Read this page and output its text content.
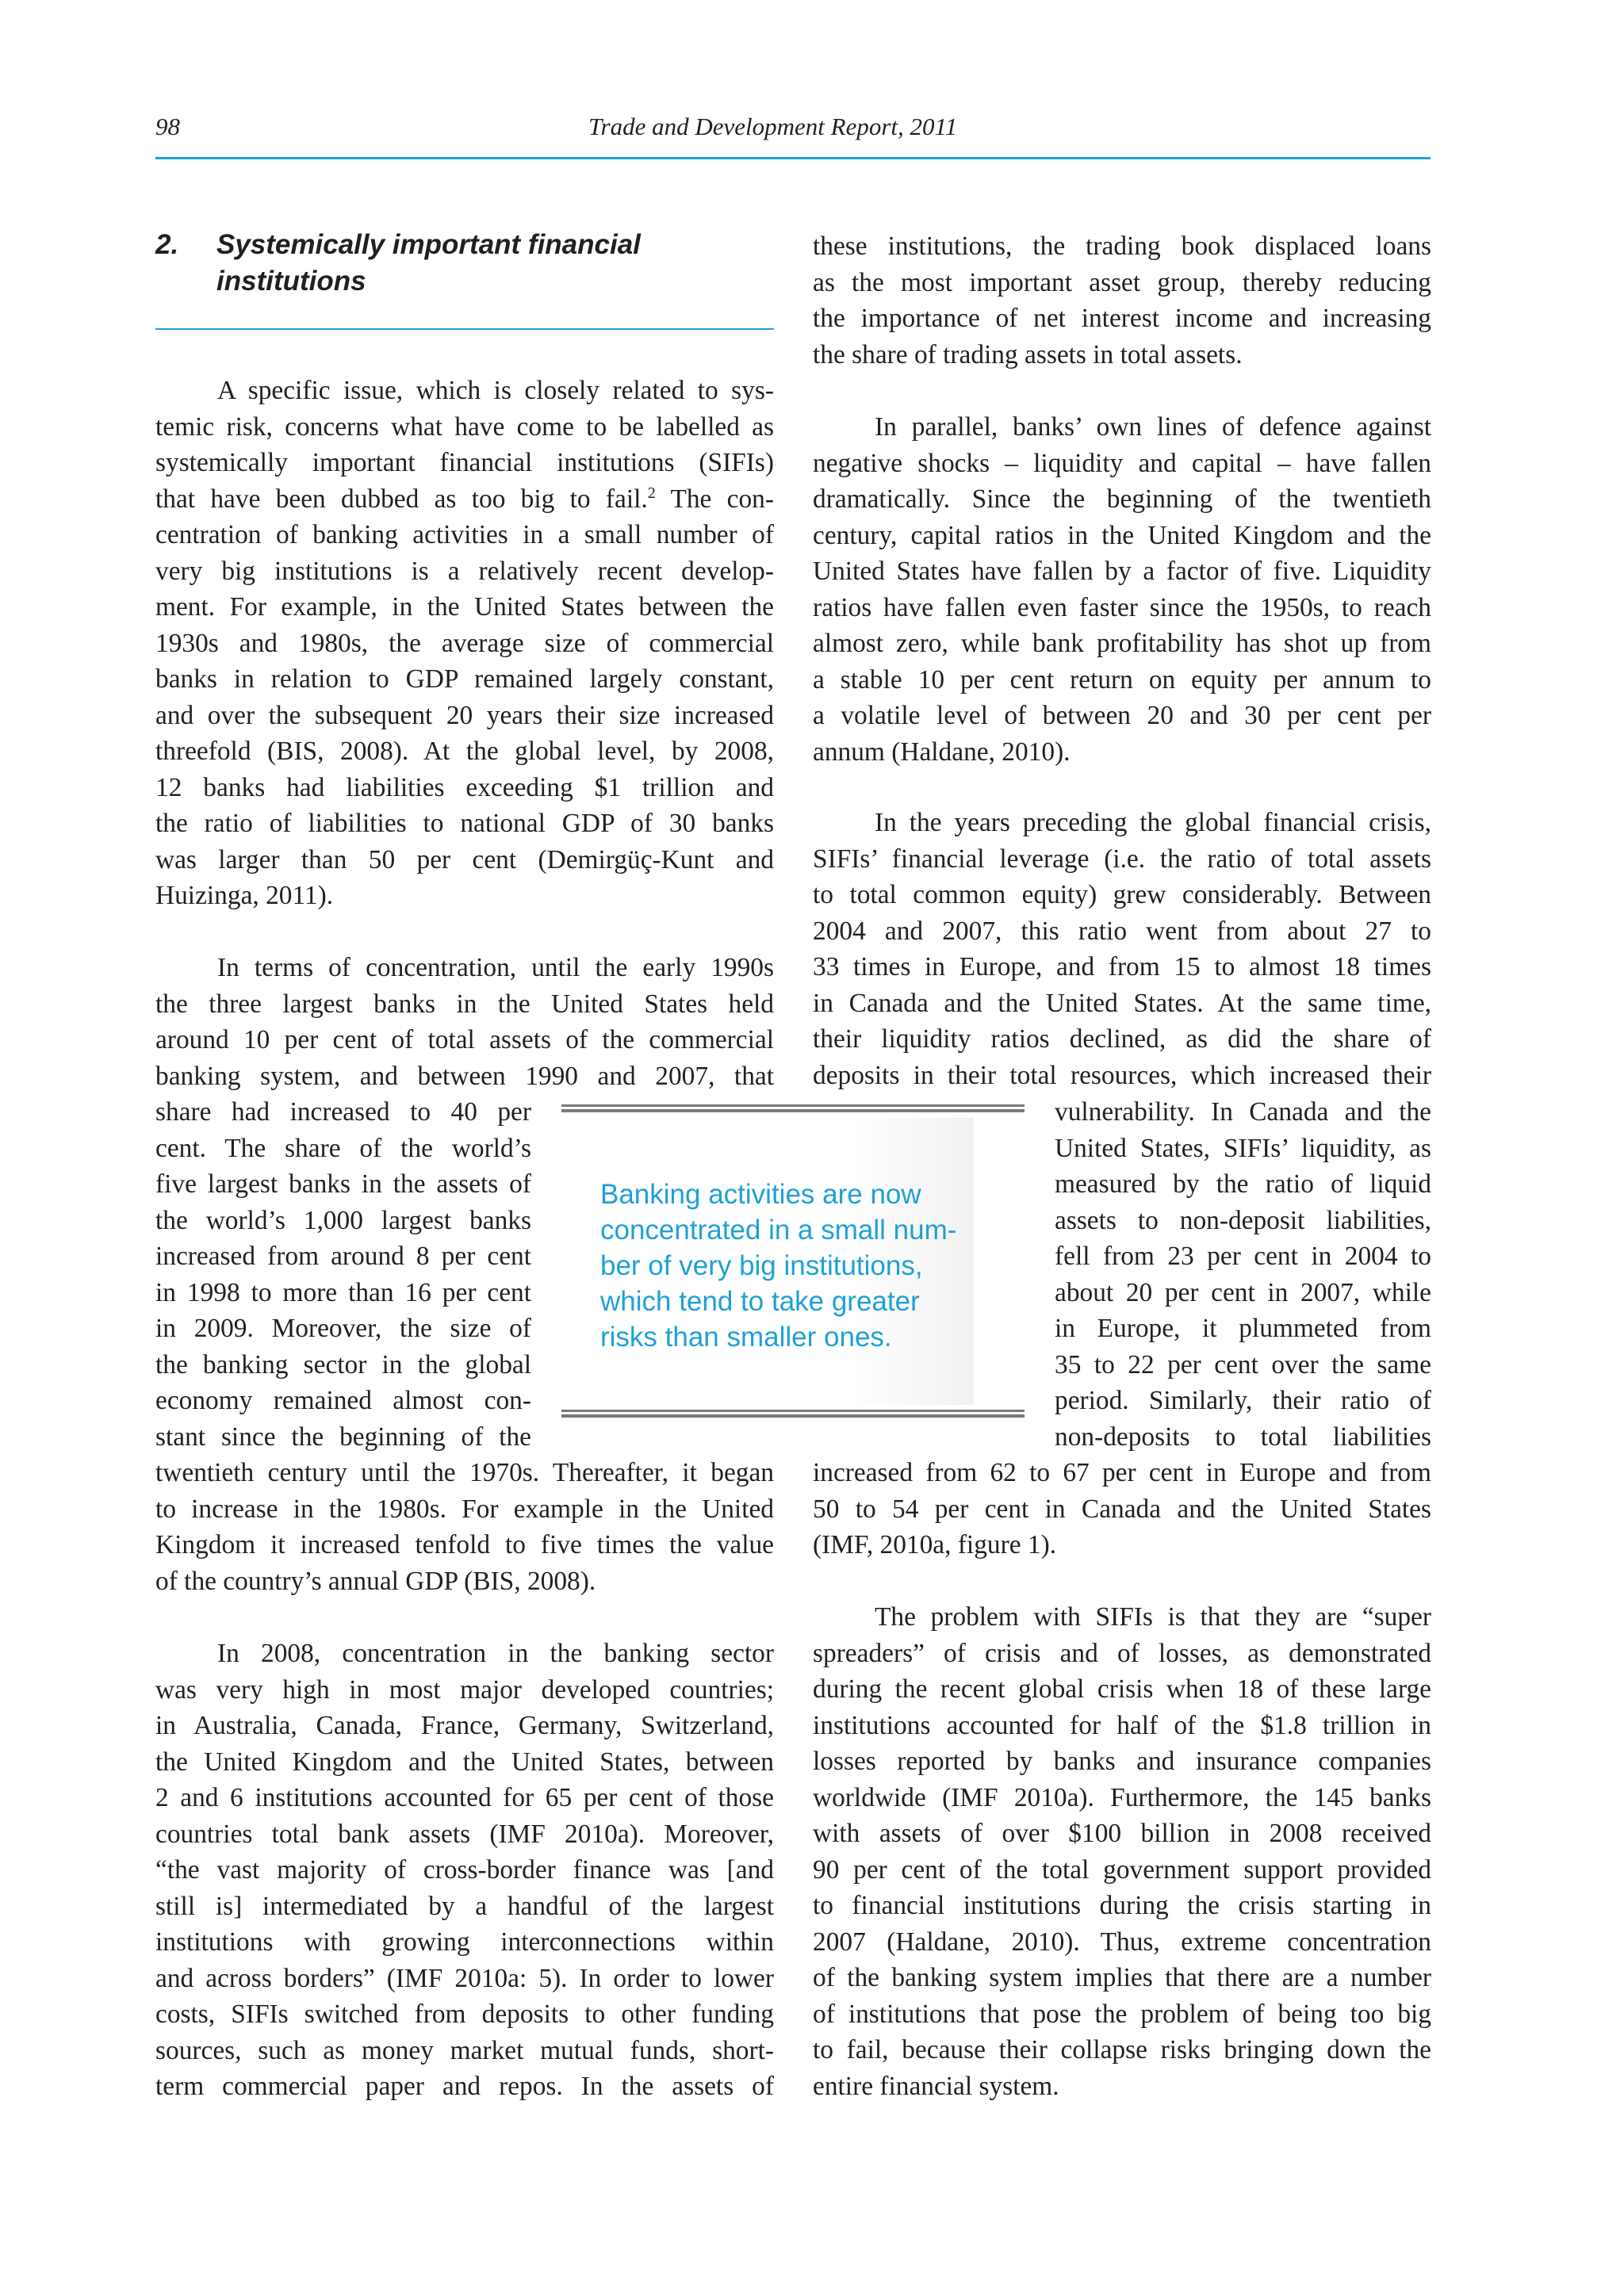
98	Trade and Development Report, 2011
2. Systemically important financial
institutions
A specific issue, which is closely related to sys-
temic risk, concerns what have come to be labelled as
systemically important financial institutions (SIFIs)
that have been dubbed as too big to fail.$^2$ The con-
centration of banking activities in a small number of
very big institutions is a relatively recent develop-
ment. For example, in the United States between the
1930s and 1980s, the average size of commercial
banks in relation to GDP remained largely constant,
and over the subsequent 20 years their size increased
threefold (BIS, 2008). At the global level, by 2008,
12 banks had liabilities exceeding $1 trillion and
the ratio of liabilities to national GDP of 30 banks
was larger than 50 per cent (Demirgüç-Kunt and
Huizinga, 2011).
In terms of concentration, until the early 1990s
the three largest banks in the United States held
around 10 per cent of total assets of the commercial
banking system, and between 1990 and 2007, that
share had increased to 40 per
cent. The share of the world’s
five largest banks in the assets of
the world’s 1,000 largest banks
increased from around 8 per cent
in 1998 to more than 16 per cent
in 2009. Moreover, the size of
the banking sector in the global
economy remained almost con-
stant since the beginning of the
twentieth century until the 1970s. Thereafter, it began
to increase in the 1980s. For example in the United
Kingdom it increased tenfold to five times the value
of the country’s annual GDP (BIS, 2008).
In 2008, concentration in the banking sector
was very high in most major developed countries;
in Australia, Canada, France, Germany, Switzerland,
the United Kingdom and the United States, between
2 and 6 institutions accounted for 65 per cent of those
countries total bank assets (IMF 2010a). Moreover,
“the vast majority of cross-border finance was [and
still is] intermediated by a handful of the largest
institutions with growing interconnections within
and across borders” (IMF 2010a: 5). In order to lower
costs, SIFIs switched from deposits to other funding
sources, such as money market mutual funds, short-
term commercial paper and repos. In the assets of
Banking activities are now
concentrated in a small num-
ber of very big institutions,
which tend to take greater
risks than smaller ones.
these institutions, the trading book displaced loans
as the most important asset group, thereby reducing
the importance of net interest income and increasing
the share of trading assets in total assets.
In parallel, banks’ own lines of defence against
negative shocks – liquidity and capital – have fallen
dramatically. Since the beginning of the twentieth
century, capital ratios in the United Kingdom and the
United States have fallen by a factor of five. Liquidity
ratios have fallen even faster since the 1950s, to reach
almost zero, while bank profitability has shot up from
a stable 10 per cent return on equity per annum to
a volatile level of between 20 and 30 per cent per
annum (Haldane, 2010).
In the years preceding the global financial crisis,
SIFIs’ financial leverage (i.e. the ratio of total assets
to total common equity) grew considerably. Between
2004 and 2007, this ratio went from about 27 to
33 times in Europe, and from 15 to almost 18 times
in Canada and the United States. At the same time,
their liquidity ratios declined, as did the share of
deposits in their total resources, which increased their
vulnerability. In Canada and the
United States, SIFIs’ liquidity, as
measured by the ratio of liquid
assets to non-deposit liabilities,
fell from 23 per cent in 2004 to
about 20 per cent in 2007, while
in Europe, it plummeted from
35 to 22 per cent over the same
period. Similarly, their ratio of
non-deposits to total liabilities
increased from 62 to 67 per cent in Europe and from
50 to 54 per cent in Canada and the United States
(IMF, 2010a, figure 1).
The problem with SIFIs is that they are “super
spreaders” of crisis and of losses, as demonstrated
during the recent global crisis when 18 of these large
institutions accounted for half of the $1.8 trillion in
losses reported by banks and insurance companies
worldwide (IMF 2010a). Furthermore, the 145 banks
with assets of over $100 billion in 2008 received
90 per cent of the total government support provided
to financial institutions during the crisis starting in
2007 (Haldane, 2010). Thus, extreme concentration
of the banking system implies that there are a number
of institutions that pose the problem of being too big
to fail, because their collapse risks bringing down the
entire financial system.
